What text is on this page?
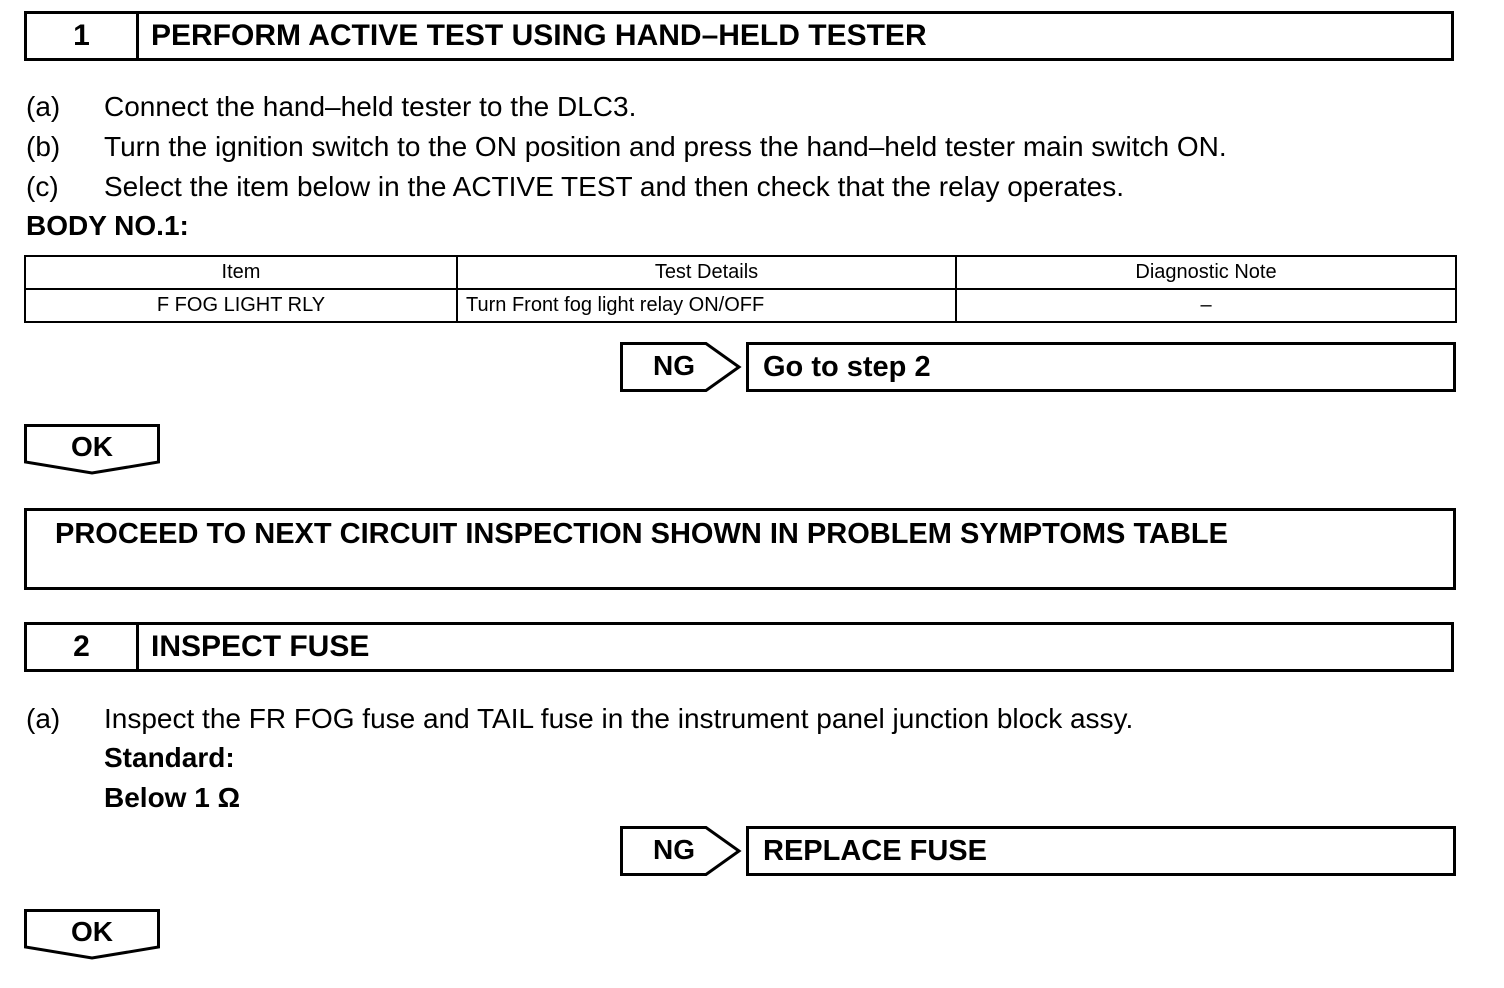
1	PERFORM ACTIVE TEST USING HAND–HELD TESTER
(a) Connect the hand–held tester to the DLC3.
(b) Turn the ignition switch to the ON position and press the hand–held tester main switch ON.
(c) Select the item below in the ACTIVE TEST and then check that the relay operates.
BODY NO.1:
Item	Test Details	Diagnostic Note
F FOG LIGHT RLY	Turn Front fog light relay ON/OFF	–
NG	Go to step 2
OK
PROCEED TO NEXT CIRCUIT INSPECTION SHOWN IN PROBLEM SYMPTOMS TABLE
2	INSPECT FUSE
(a) Inspect the FR FOG fuse and TAIL fuse in the instrument panel junction block assy.
Standard:
Below 1 Ω
NG	REPLACE FUSE
OK
